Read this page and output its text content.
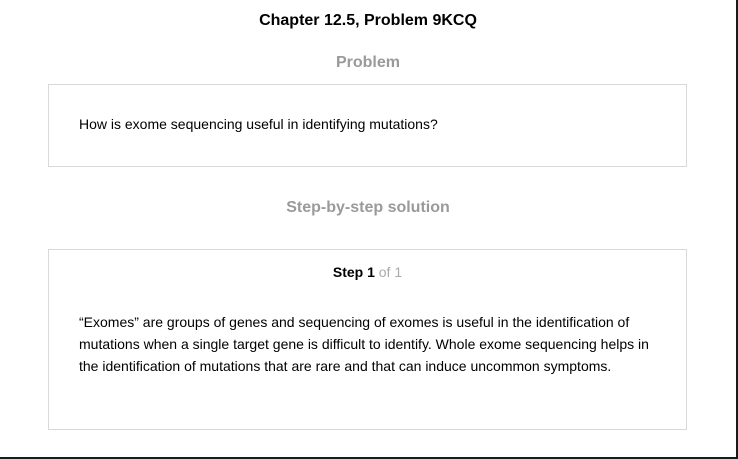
Chapter 12.5, Problem 9KCQ
Problem
How is exome sequencing useful in identifying mutations?
Step-by-step solution
Step 1 of 1
“Exomes” are groups of genes and sequencing of exomes is useful in the identification of mutations when a single target gene is difficult to identify. Whole exome sequencing helps in the identification of mutations that are rare and that can induce uncommon symptoms.
